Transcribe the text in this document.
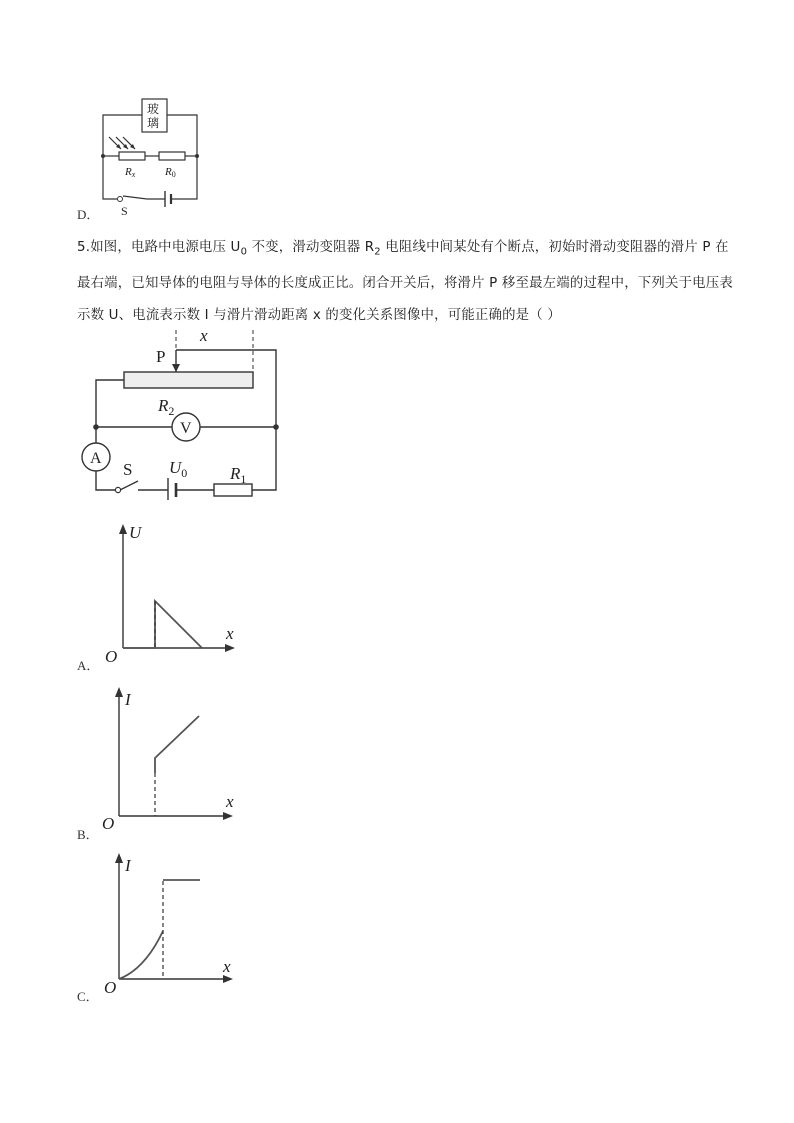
玻
璃
Rx	R0
S
D．
5.如图，电路中电源电压 $U_0$ 不变，滑动变阻器 $R_2$ 电阻线中间某处有个断点，初始时滑动变阻器的滑片 P 在最右端，已知导体的电阻与导体的长度成正比。闭合开关后，将滑片 P 移至最左端的过程中，下列关于电压表示数 U、电流表示数 I 与滑片滑动距离 x 的变化关系图像中，可能正确的是（ ）
x
P
$R_2$
V
A
S $U_0$	$R_1$
U
x
O
A．
I
x
O
B．
I
x
O
C．
